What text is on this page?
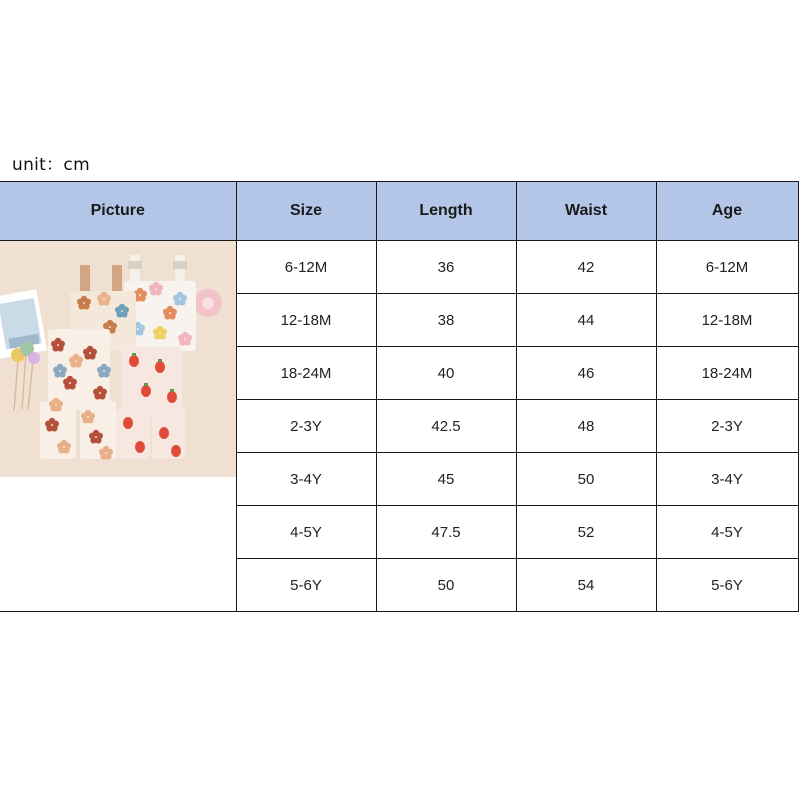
unit：cm
Picture	Size	Length	Waist	Age

	6-12M	36	42	6-12M
	12-18M	38	44	12-18M
	18-24M	40	46	18-24M
	2-3Y	42.5	48	2-3Y
	3-4Y	45	50	3-4Y
	4-5Y	47.5	52	4-5Y
	5-6Y	50	54	5-6Y
